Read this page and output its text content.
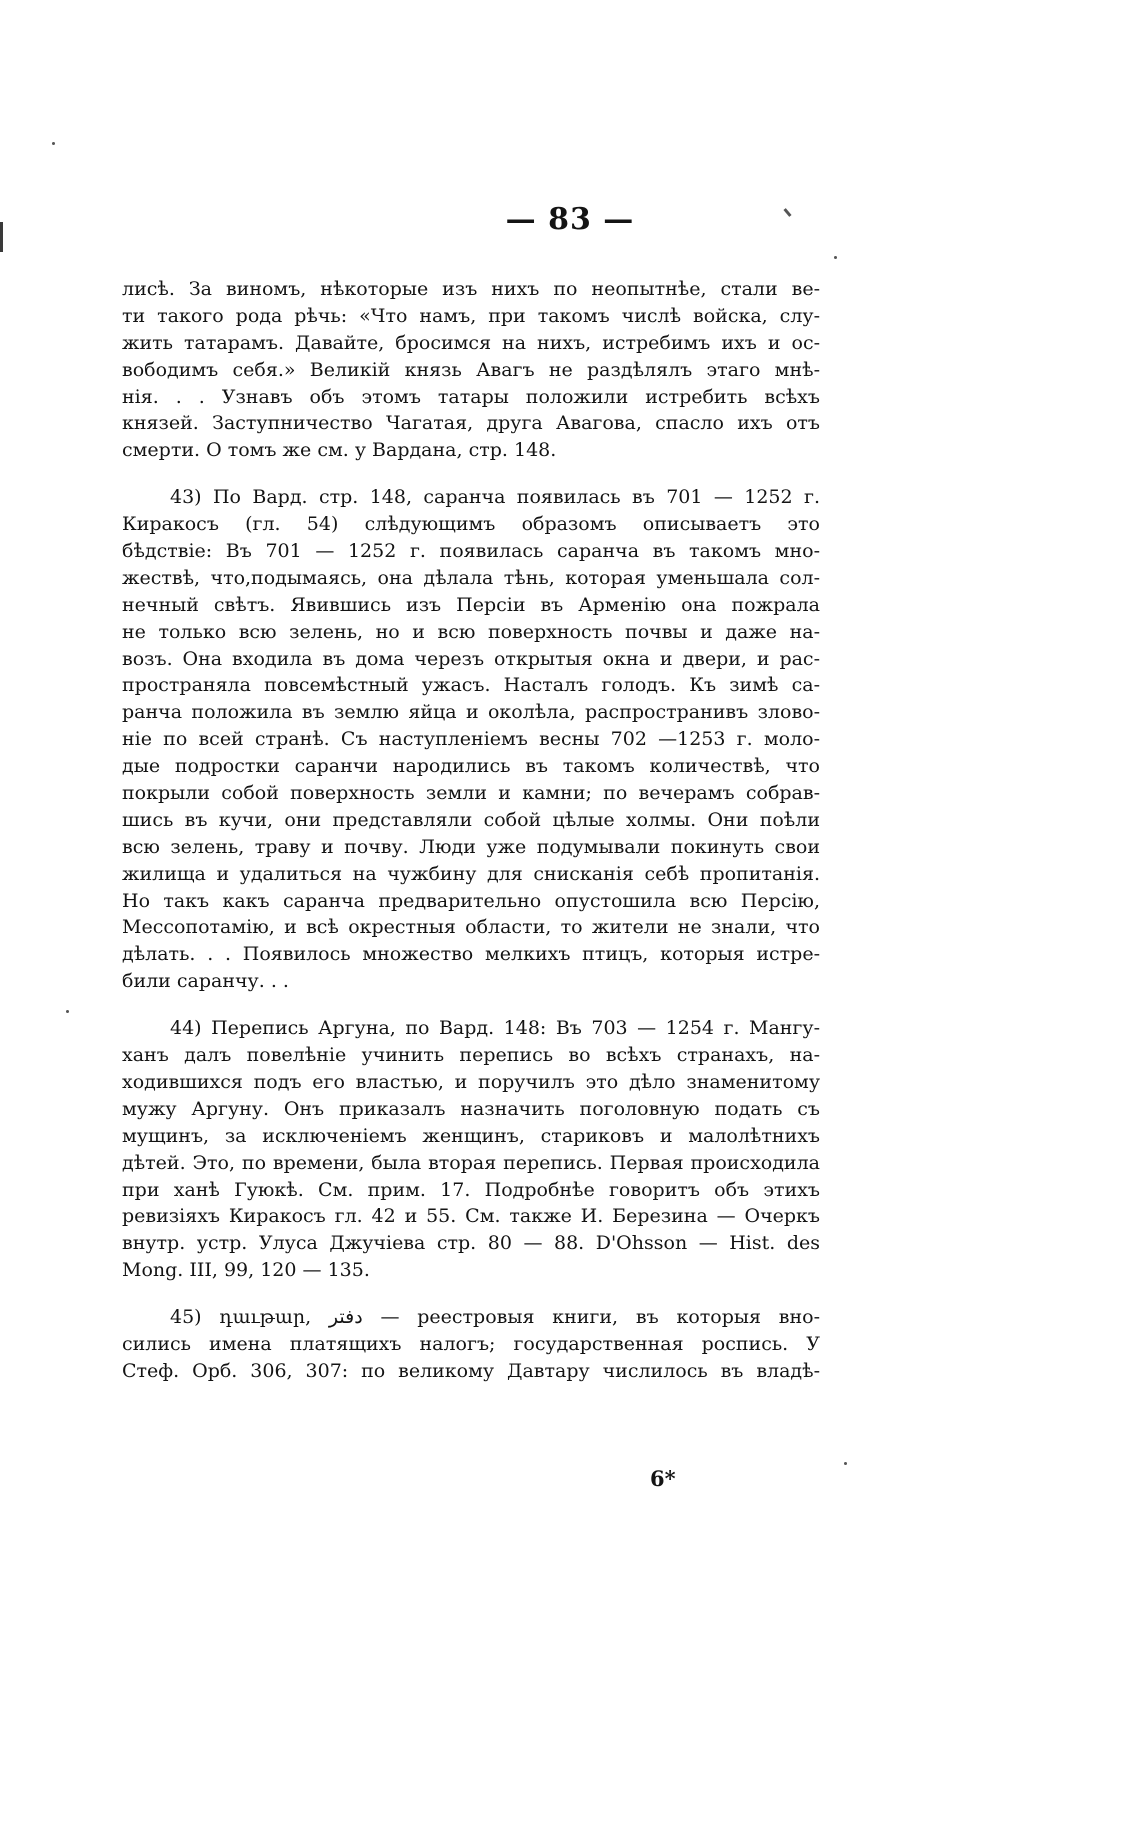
— 83 —
лисѣ. За виномъ, нѣкоторые изъ нихъ по неопытнѣе, стали ве-
ти такого рода рѣчь: «Что намъ, при такомъ числѣ войска, слу-
жить татарамъ. Давайте, бросимся на нихъ, истребимъ ихъ и ос-
вободимъ себя.» Великій князь Авагъ не раздѣлялъ этаго мнѣ-
нія. . . Узнавъ объ этомъ татары положили истребить всѣхъ
князей. Заступничество Чагатая, друга Авагова, спасло ихъ отъ
смерти. О томъ же см. у Вардана, стр. 148.
43) По Вард. стр. 148, саранча появилась въ 701 — 1252 г.
Киракосъ (гл. 54) слѣдующимъ образомъ описываетъ это
бѣдствіе: Въ 701 — 1252 г. появилась саранча въ такомъ мно-
жествѣ, что,подымаясь, она дѣлала тѣнь, которая уменьшала сол-
нечный свѣтъ. Явившись изъ Персіи въ Арменію она пожрала
не только всю зелень, но и всю поверхность почвы и даже на-
возъ. Она входила въ дома черезъ открытыя окна и двери, и рас-
пространяла повсемѣстный ужасъ. Насталъ голодъ. Къ зимѣ са-
ранча положила въ землю яйца и околѣла, распространивъ злово-
ніе по всей странѣ. Съ наступленіемъ весны 702 —1253 г. моло-
дые подростки саранчи народились въ такомъ количествѣ, что
покрыли собой поверхность земли и камни; по вечерамъ собрав-
шись въ кучи, они представляли собой цѣлые холмы. Они поѣли
всю зелень, траву и почву. Люди уже подумывали покинуть свои
жилища и удалиться на чужбину для снисканія себѣ пропитанія.
Но такъ какъ саранча предварительно опустошила всю Персію,
Мессопотамію, и всѣ окрестныя области, то жители не знали, что
дѣлать. . . Появилось множество мелкихъ птицъ, которыя истре-
били саранчу. . .
44) Перепись Аргуна, по Вард. 148: Въ 703 — 1254 г. Мангу-
ханъ далъ повелѣніе учинить перепись во всѣхъ странахъ, на-
ходившихся подъ его властью, и поручилъ это дѣло знаменитому
мужу Аргуну. Онъ приказалъ назначить поголовную подать съ
мущинъ, за исключеніемъ женщинъ, стариковъ и малолѣтнихъ
дѣтей. Это, по времени, была вторая перепись. Первая происходила
при ханѣ Гуюкѣ. См. прим. 17. Подробнѣе говоритъ объ этихъ
ревизіяхъ Киракосъ гл. 42 и 55. См. также И. Березина — Очеркъ
внутр. устр. Улуса Джучіева стр. 80 — 88. D'Ohsson — Hist. des
Mong. III, 99, 120 — 135.
45) դաւթար, دفتر — реестровыя книги, въ которыя вно-
сились имена платящихъ налогъ; государственная роспись. У
Стеф. Орб. 306, 307: по великому Давтару числилось въ владѣ-
6*
